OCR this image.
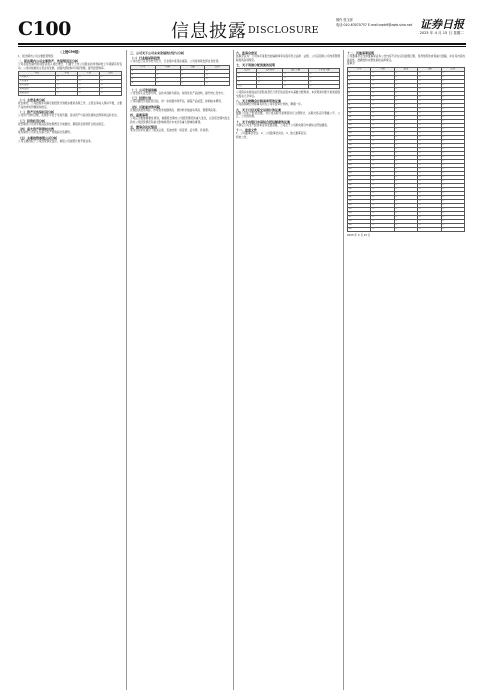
C100	信息披露 DISCLOSURE
制作 张玉萍
电话:010-63070757 E-mail:zqrb9@zqrb.sina.net 证券日报
2025 年 4 月 15 日 星期二
（上接C99版）
1、报告期内公司主要经营情况
二、报告期内公司主要资产、负债情况及分析
公司在报告期内实现营业收入同比增长，归属于上市公司股东的净利润较上年同期有所变动。公司持续推进主营业务发展，加强内部控制与风险管理，提升经营效率。
项目	本期	上期	变动
营业收入	—	—	—
营业成本	—	—	—
销售费用	—	—	—
管理费用	—	—	—
财务费用	—	—	—
（一）主营业务分析
报告期内，公司按照年初制定的经营计划稳步推进各项工作，主营业务收入保持平稳，主要产品的市场份额保持稳定。
（二）资产及负债状况分析
公司资产结构合理，负债水平处于可控范围，流动资产与流动负债的比例保持良好状态。
（三）投资状况分析
报告期内公司对外股权投资按照既定计划推进，募集资金使用符合相关规定。
（四）重大资产和股权出售
报告期内公司未发生重大资产和股权出售情形。
（五）主要控股参股公司分析
公司主要控股子公司经营情况良好，参股公司按照计划开展业务。
三、公司关于公司未来发展的讨论与分析
（一）行业格局和趋势
公司所处行业竞争较为充分，行业集中度逐步提高，公司将持续发挥自身优势。
序号	名称	金额	比例
1	—	—	—
2	—	—	—
3	—	—	—
4	—	—	—
（二）公司发展战略
公司坚持主业发展方向，以技术创新为驱动，持续优化产品结构，提升核心竞争力。
（三）经营计划
公司将围绕年度经营目标，进一步加强市场开拓，提高产品质量，控制成本费用。
（四）可能面对的风险
宏观经济波动风险、市场竞争加剧风险、原材料价格波动风险、管理风险等。
四、重要事项
公司应当根据重要性原则，披露报告期内公司经营情况的重大变化，以及报告期内发生的对公司经营情况有重大影响和预计未来会有重大影响的事项。
五、董事会决议情况
本次会议审议通过了相关议案，表决结果：同意票、反对票、弃权票。
六、监事会意见
监事会认为：公司本年度报告的编制和审议程序符合法律、法规、公司章程和公司内部管理制度的各项规定。
七、关于利润分配预案的说明
关联方	交易内容	预计金额	上年发生额
—	—	—	—
—	—	—	—
—	—	—	—
合计		—	—
公司拟以实施权益分派股权登记日登记的总股本为基数分配利润，本次利润分配方案尚需提交股东大会审议。
八、关于续聘会计师事务所的议案
公司拟续聘会计师事务所为公司年度审计机构，聘期一年。
九、关于日常关联交易预计的议案
根据公司生产经营需要，对日常关联交易情况进行合理预计，关联交易定价遵循公平、公正、公允的原则。
十、关于向银行申请综合授信额度的议案
为满足公司生产经营和业务发展需要，公司及子公司拟向银行申请综合授信额度。
十一、备查文件
1、公司董事会决议；2、公司监事会决议；3、独立董事意见。
特此公告。
十二、其他事项说明
公司董事会及全体董事保证本公告内容不存在任何虚假记载、误导性陈述或者重大遗漏，并对其内容的真实性、准确性和完整性承担法律责任。
董事会
序号	名称	数量	金额	比例
1	—	—	—	—
2	—	—	—	—
3	—	—	—	—
4	—	—	—	—
5	—	—	—	—
6	—	—	—	—
7	—	—	—	—
8	—	—	—	—
9	—	—	—	—
10	—	—	—	—
11	—	—	—	—
12	—	—	—	—
13	—	—	—	—
14	—	—	—	—
15	—	—	—	—
16	—	—	—	—
17	—	—	—	—
18	—	—	—	—
19	—	—	—	—
20	—	—	—	—
21	—	—	—	—
22	—	—	—	—
23	—	—	—	—
24	—	—	—	—
25	—	—	—	—
26	—	—	—	—
27	—	—	—	—
28	—	—	—	—
29	—	—	—	—
30	—	—	—	—
31	—	—	—	—
32	—	—	—	—
33	—	—	—	—
34	—	—	—	—
35	—	—	—	—
36	—	—	—	—
37	—	—	—	—
38	—	—	—	—
39	—	—	—	—
40	—	—	—	—
2025 年 4 月 15 日
